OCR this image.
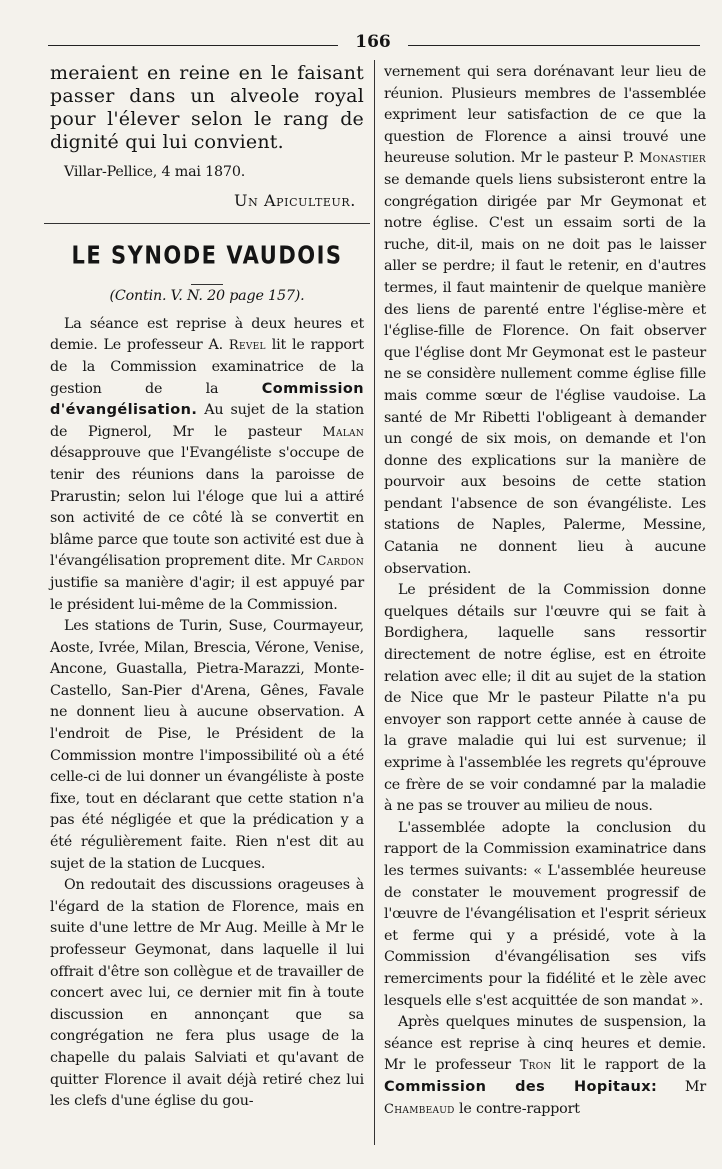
166

meraient en reine en le faisant passer dans un alveole royal pour l'élever selon le rang de dignité qui lui convient.

Villar-Pellice, 4 mai 1870.

Un Apiculteur.

LE SYNODE VAUDOIS

(Contin. V. N. 20 page 157).

La séance est reprise à deux heures et demie. Le professeur A. Revel lit le rapport de la Commission examinatrice de la gestion de la Commission d'évangélisation. Au sujet de la station de Pignerol, Mr le pasteur Malan désapprouve que l'Evangéliste s'occupe de tenir des réunions dans la paroisse de Prarustin; selon lui l'éloge que lui a attiré son activité de ce côté là se convertit en blâme parce que toute son activité est due à l'évangélisation proprement dite. Mr Cardon justifie sa manière d'agir; il est appuyé par le président lui-même de la Commission.

Les stations de Turin, Suse, Courmayeur, Aoste, Ivrée, Milan, Brescia, Vérone, Venise, Ancone, Guastalla, Pietra-Marazzi, Monte-Castello, San-Pier d'Arena, Gênes, Favale ne donnent lieu à aucune observation. A l'endroit de Pise, le Président de la Commission montre l'impossibilité où a été celle-ci de lui donner un évangéliste à poste fixe, tout en déclarant que cette station n'a pas été négligée et que la prédication y a été régulièrement faite. Rien n'est dit au sujet de la station de Lucques.

On redoutait des discussions orageuses à l'égard de la station de Florence, mais en suite d'une lettre de Mr Aug. Meille à Mr le professeur Geymonat, dans laquelle il lui offrait d'être son collègue et de travailler de concert avec lui, ce dernier mit fin à toute discussion en annonçant que sa congrégation ne fera plus usage de la chapelle du palais Salviati et qu'avant de quitter Florence il avait déjà retiré chez lui les clefs d'une église du gou-

vernement qui sera dorénavant leur lieu de réunion. Plusieurs membres de l'assemblée expriment leur satisfaction de ce que la question de Florence a ainsi trouvé une heureuse solution. Mr le pasteur P. Monastier se demande quels liens subsisteront entre la congrégation dirigée par Mr Geymonat et notre église. C'est un essaim sorti de la ruche, dit-il, mais on ne doit pas le laisser aller se perdre; il faut le retenir, en d'autres termes, il faut maintenir de quelque manière des liens de parenté entre l'église-mère et l'église-fille de Florence. On fait observer que l'église dont Mr Geymonat est le pasteur ne se considère nullement comme église fille mais comme sœur de l'église vaudoise. La santé de Mr Ribetti l'obligeant à demander un congé de six mois, on demande et l'on donne des explications sur la manière de pourvoir aux besoins de cette station pendant l'absence de son évangéliste. Les stations de Naples, Palerme, Messine, Catania ne donnent lieu à aucune observation.

Le président de la Commission donne quelques détails sur l'œuvre qui se fait à Bordighera, laquelle sans ressortir directement de notre église, est en étroite relation avec elle; il dit au sujet de la station de Nice que Mr le pasteur Pilatte n'a pu envoyer son rapport cette année à cause de la grave maladie qui lui est survenue; il exprime à l'assemblée les regrets qu'éprouve ce frère de se voir condamné par la maladie à ne pas se trouver au milieu de nous.

L'assemblée adopte la conclusion du rapport de la Commission examinatrice dans les termes suivants: « L'assemblée heureuse de constater le mouvement progressif de l'œuvre de l'évangélisation et l'esprit sérieux et ferme qui y a présidé, vote à la Commission d'évangélisation ses vifs remerciments pour la fidélité et le zèle avec lesquels elle s'est acquittée de son mandat ».

Après quelques minutes de suspension, la séance est reprise à cinq heures et demie. Mr le professeur Tron lit le rapport de la Commission des Hopitaux: Mr Chambeaud le contre-rapport
